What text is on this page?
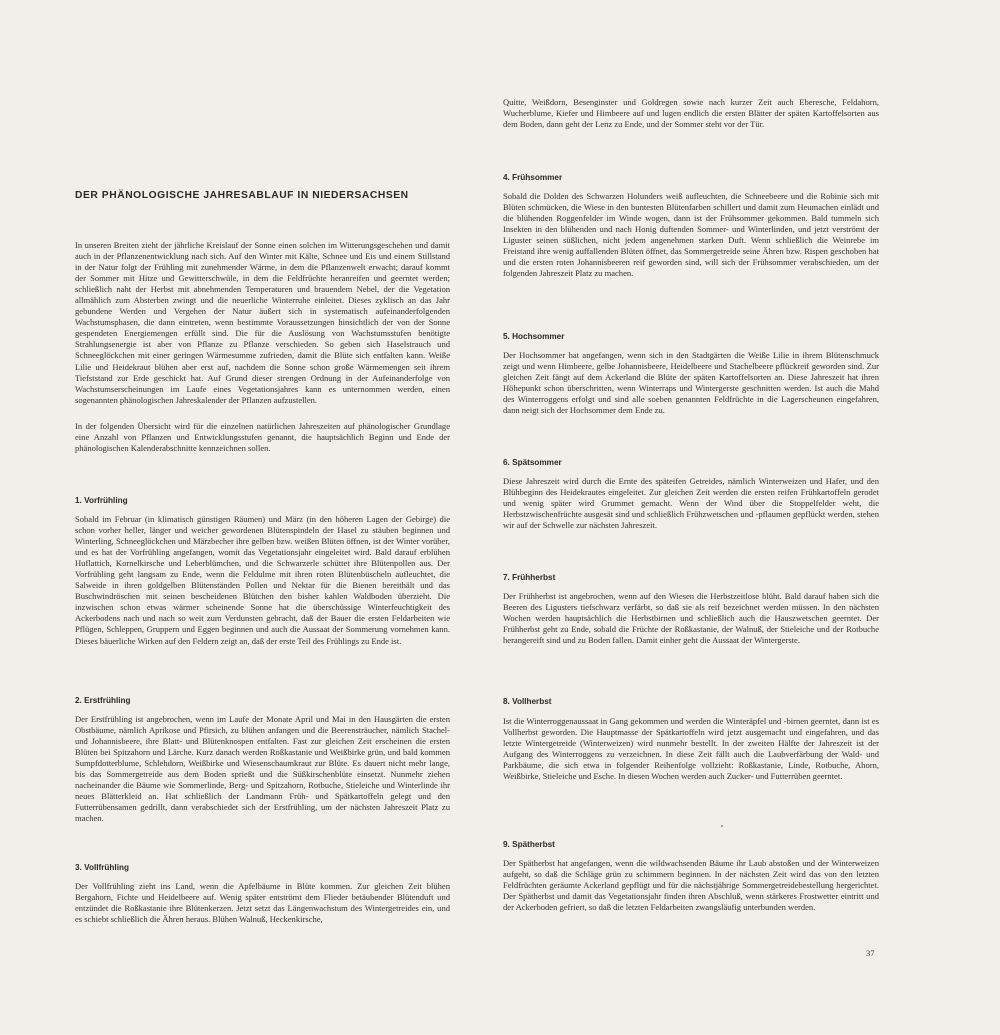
DER PHÄNOLOGISCHE JAHRESABLAUF IN NIEDERSACHSEN

In unseren Breiten zieht der jährliche Kreislauf der Sonne einen solchen im Witterungsgeschehen und damit auch in der Pflanzenentwicklung nach sich. Auf den Winter mit Kälte, Schnee und Eis und einem Stillstand in der Natur folgt der Frühling mit zunehmender Wärme, in dem die Pflanzenwelt erwacht; darauf kommt der Sommer mit Hitze und Gewitterschwüle, in dem die Feldfrüchte heranreifen und geerntet werden; schließlich naht der Herbst mit abnehmenden Temperaturen und brauendem Nebel, der die Vegetation allmählich zum Absterben zwingt und die neuerliche Winterruhe einleitet. Dieses zyklisch an das Jahr gebundene Werden und Vergehen der Natur äußert sich in systematisch aufeinanderfolgenden Wachstumsphasen, die dann eintreten, wenn bestimmte Voraussetzungen hinsichtlich der von der Sonne gespendeten Energiemengen erfüllt sind. Die für die Auslösung von Wachstumsstufen benötigte Strahlungsenergie ist aber von Pflanze zu Pflanze verschieden. So geben sich Haselstrauch und Schneeglöckchen mit einer geringen Wärmesumme zufrieden, damit die Blüte sich entfalten kann. Weiße Lilie und Heidekraut blühen aber erst auf, nachdem die Sonne schon große Wärmemengen seit ihrem Tiefststand zur Erde geschickt hat. Auf Grund dieser strengen Ordnung in der Aufeinanderfolge von Wachstumserscheinungen im Laufe eines Vegetationsjahres kann es unternommen werden, einen sogenannten phänologischen Jahreskalender der Pflanzen aufzustellen.

In der folgenden Übersicht wird für die einzelnen natürlichen Jahreszeiten auf phänologischer Grundlage eine Anzahl von Pflanzen und Entwicklungsstufen genannt, die hauptsächlich Beginn und Ende der phänologischen Kalenderabschnitte kennzeichnen sollen.

1. Vorfrühling

Sobald im Februar (in klimatisch günstigen Räumen) und März (in den höheren Lagen der Gebirge) die schon vorher heller, länger und weicher gewordenen Blütenspindeln der Hasel zu stäuben beginnen und Winterling, Schneeglöckchen und Märzbecher ihre gelben bzw. weißen Blüten öffnen, ist der Winter vorüber, und es hat der Vorfrühling angefangen, womit das Vegetationsjahr eingeleitet wird. Bald darauf erblühen Huflattich, Kornelkirsche und Leberblümchen, und die Schwarzerle schüttet ihre Blütenpollen aus. Der Vorfrühling geht langsam zu Ende, wenn die Feldulme mit ihren roten Blütenbüscheln aufleuchtet, die Salweide in ihren goldgelben Blütenständen Pollen und Nektar für die Bienen bereithält und das Buschwindröschen mit seinen bescheidenen Blütchen den bisher kahlen Waldboden überzieht. Die inzwischen schon etwas wärmer scheinende Sonne hat die überschüssige Winterfeuchtigkeit des Ackerbodens nach und nach so weit zum Verdunsten gebracht, daß der Bauer die ersten Feldarbeiten wie Pflügen, Schleppen, Gruppern und Eggen beginnen und auch die Aussaat der Sommerung vornehmen kann. Dieses bäuerliche Wirken auf den Feldern zeigt an, daß der erste Teil des Frühlings zu Ende ist.

2. Erstfrühling

Der Erstfrühling ist angebrochen, wenn im Laufe der Monate April und Mai in den Hausgärten die ersten Obstbäume, nämlich Aprikose und Pfirsich, zu blühen anfangen und die Beerensträucher, nämlich Stachel- und Johannisbeere, ihre Blatt- und Blütenknospen entfalten. Fast zur gleichen Zeit erscheinen die ersten Blüten bei Spitzahorn und Lärche. Kurz danach werden Roßkastanie und Weißbirke grün, und bald kommen Sumpfdotterblume, Schlehdorn, Weißbirke und Wiesenschaumkraut zur Blüte. Es dauert nicht mehr lange, bis das Sommergetreide aus dem Boden sprießt und die Süßkirschenblüte einsetzt. Nunmehr ziehen nacheinander die Bäume wie Sommerlinde, Berg- und Spitzahorn, Rotbuche, Stieleiche und Winterlinde ihr neues Blätterkleid an. Hat schließlich der Landmann Früh- und Spätkartoffeln gelegt und den Futterrübensamen gedrillt, dann verabschiedet sich der Erstfrühling, um der nächsten Jahreszeit Platz zu machen.

3. Vollfrühling

Der Vollfrühling zieht ins Land, wenn die Apfelbäume in Blüte kommen. Zur gleichen Zeit blühen Bergahorn, Fichte und Heidelbeere auf. Wenig später entströmt dem Flieder betäubender Blütenduft und entzündet die Roßkastanie ihre Blütenkerzen. Jetzt setzt das Längenwachstum des Wintergetreides ein, und es schiebt schließlich die Ähren heraus. Blühen Walnuß, Heckenkirsche,

Quitte, Weißdorn, Besenginster und Goldregen sowie nach kurzer Zeit auch Eberesche, Feldahorn, Wucherblume, Kiefer und Himbeere auf und lugen endlich die ersten Blätter der späten Kartoffelsorten aus dem Boden, dann geht der Lenz zu Ende, und der Sommer steht vor der Tür.

4. Frühsommer

Sobald die Dolden des Schwarzen Holunders weiß aufleuchten, die Schneebeere und die Robinie sich mit Blüten schmücken, die Wiese in den buntesten Blütenfarben schillert und damit zum Heumachen einlädt und die blühenden Roggenfelder im Winde wogen, dann ist der Frühsommer gekommen. Bald tummeln sich Insekten in den blühenden und nach Honig duftenden Sommer- und Winterlinden, und jetzt verströmt der Liguster seinen süßlichen, nicht jedem angenehmen starken Duft. Wenn schließlich die Weinrebe im Freistand ihre wenig auffallenden Blüten öffnet, das Sommergetreide seine Ähren bzw. Rispen geschoben hat und die ersten roten Johannisbeeren reif geworden sind, will sich der Frühsommer verabschieden, um der folgenden Jahreszeit Platz zu machen.

5. Hochsommer

Der Hochsommer hat angefangen, wenn sich in den Stadtgärten die Weiße Lilie in ihrem Blütenschmuck zeigt und wenn Himbeere, gelbe Johannisbeere, Heidelbeere und Stachelbeere pflückreif geworden sind. Zur gleichen Zeit fängt auf dem Ackerland die Blüte der späten Kartoffelsorten an. Diese Jahreszeit hat ihren Höhepunkt schon überschritten, wenn Winterraps und Wintergerste geschnitten werden. Ist auch die Mahd des Winterroggens erfolgt und sind alle soeben genannten Feldfrüchte in die Lagerscheunen eingefahren, dann neigt sich der Hochsommer dem Ende zu.

6. Spätsommer

Diese Jahreszeit wird durch die Ernte des späteifen Getreides, nämlich Winterweizen und Hafer, und den Blühbeginn des Heidekrautes eingeleitet. Zur gleichen Zeit werden die ersten reifen Frühkartoffeln gerodet und wenig später wird Grummet gemacht. Wenn der Wind über die Stoppelfelder weht, die Herbstzwischenfrüchte ausgesät sind und schließlich Frühzwetschen und -pflaumen gepflückt werden, stehen wir auf der Schwelle zur nächsten Jahreszeit.

7. Frühherbst

Der Frühherbst ist angebrochen, wenn auf den Wiesen die Herbstzeitlose blüht. Bald darauf haben sich die Beeren des Ligusters tiefschwarz verfärbt, so daß sie als reif bezeichnet werden müssen. In den nächsten Wochen werden hauptsächlich die Herbstbirnen und schließlich auch die Hauszwetschen geerntet. Der Frühherbst geht zu Ende, sobald die Früchte der Roßkastanie, der Walnuß, der Stieleiche und der Rotbuche herangereift sind und zu Boden fallen. Damit einher geht die Aussaat der Wintergerste.

8. Vollherbst

Ist die Winterroggenaussaat in Gang gekommen und werden die Winteräpfel und -birnen geerntet, dann ist es Vollherbst geworden. Die Hauptmasse der Spätkartoffeln wird jetzt ausgemacht und eingefahren, und das letzte Wintergetreide (Winterweizen) wird nunmehr bestellt. In der zweiten Hälfte der Jahreszeit ist der Aufgang des Winterroggens zu verzeichnen. In diese Zeit fällt auch die Laubverfärbung der Wald- und Parkbäume, die sich etwa in folgender Reihenfolge vollzieht: Roßkastanie, Linde, Rotbuche, Ahorn, Weißbirke, Stieleiche und Esche. In diesen Wochen werden auch Zucker- und Futterrüben geerntet.

9. Spätherbst

Der Spätherbst hat angefangen, wenn die wildwachsenden Bäume ihr Laub abstoßen und der Winterweizen aufgeht, so daß die Schläge grün zu schimmern beginnen. In der nächsten Zeit wird das von den letzten Feldfrüchten geräumte Ackerland gepflügt und für die nächstjährige Sommergetreidebestellung hergerichtet. Der Spätherbst und damit das Vegetationsjahr finden ihren Abschluß, wenn stärkeres Frostwetter eintritt und der Ackerboden gefriert, so daß die letzten Feldarbeiten zwangsläufig unterbunden werden.

37
